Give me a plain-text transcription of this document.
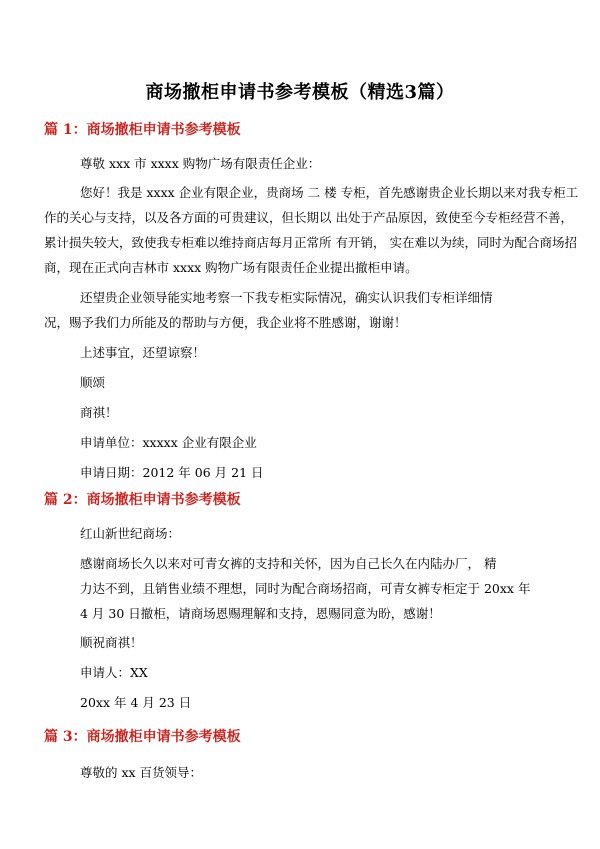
商场撤柜申请书参考模板（精选3篇）
篇 1：商场撤柜申请书参考模板
尊敬 xxx 市 xxxx 购物广场有限责任企业：
您好！我是 xxxx 企业有限企业，贵商场 二 楼 专柜，首先感谢贵企业长期以来对我专柜工
作的关心与支持，以及各方面的可贵建议，但长期以 出处于产品原因，致使至今专柜经营不善，
累计损失较大，致使我专柜难以维持商店每月正常所 有开销， 实在难以为续，同时为配合商场招
商，现在正式向吉林市 xxxx 购物广场有限责任企业提出撤柜申请。
还望贵企业领导能实地考察一下我专柜实际情况，确实认识我们专柜详细情
况，赐予我们力所能及的帮助与方便，我企业将不胜感谢，谢谢！
上述事宜，还望谅察！
顺颂
商祺！
申请单位：xxxxx 企业有限企业
申请日期：2012 年 06 月 21 日
篇 2：商场撤柜申请书参考模板
红山新世纪商场：
感谢商场长久以来对可青女裤的支持和关怀，因为自己长久在内陆办厂， 精
力达不到，且销售业绩不理想，同时为配合商场招商，可青女裤专柜定于 20xx 年
4 月 30 日撤柜，请商场恩赐理解和支持，恩赐同意为盼，感谢！
顺祝商祺！
申请人：XX
20xx 年 4 月 23 日
篇 3：商场撤柜申请书参考模板
尊敬的 xx 百货领导：
